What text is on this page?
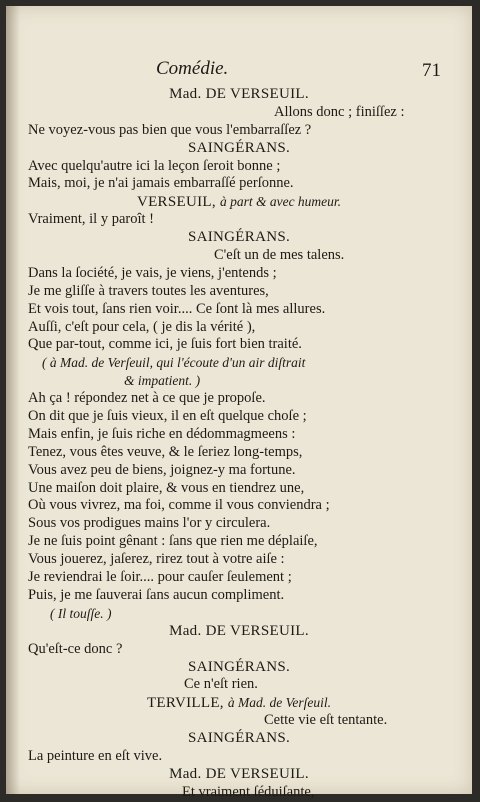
Comédie.	71
Mad. DE VERSEUIL.
Allons donc ; finiſſez :
Ne voyez-vous pas bien que vous l'embarraſſez ?
SAINGÉRANS.
Avec quelqu'autre ici la leçon ſeroit bonne ;
Mais, moi, je n'ai jamais embarraſſé perſonne.
VERSEUIL, à part & avec humeur.
Vraiment, il y paroît !
SAINGÉRANS.
C'eſt un de mes talens.
Dans la ſociété, je vais, je viens, j'entends ;
Je me gliſſe à travers toutes les aventures,
Et vois tout, ſans rien voir.... Ce ſont là mes allures.
Auſſi, c'eſt pour cela, ( je dis la vérité ),
Que par-tout, comme ici, je ſuis fort bien traité.
( à Mad. de Verſeuil, qui l'écoute d'un air diſtrait
& impatient. )
Ah ça ! répondez net à ce que je propoſe.
On dit que je ſuis vieux, il en eſt quelque choſe ;
Mais enfin, je ſuis riche en dédommagmeens :
Tenez, vous êtes veuve, & le ſeriez long-temps,
Vous avez peu de biens, joignez-y ma fortune.
Une maiſon doit plaire, & vous en tiendrez une,
Où vous vivrez, ma foi, comme il vous conviendra ;
Sous vos prodigues mains l'or y circulera.
Je ne ſuis point gênant : ſans que rien me déplaiſe,
Vous jouerez, jaſerez, rirez tout à votre aiſe :
Je reviendrai le ſoir.... pour cauſer ſeulement ;
Puis, je me ſauverai ſans aucun compliment.
( Il touſſe. )
Mad. DE VERSEUIL.
Qu'eſt-ce donc ?
SAINGÉRANS.
Ce n'eſt rien.
TERVILLE, à Mad. de Verſeuil.
Cette vie eſt tentante.
SAINGÉRANS.
La peinture en eſt vive.
Mad. DE VERSEUIL.
Et vraiment ſéduiſante,
